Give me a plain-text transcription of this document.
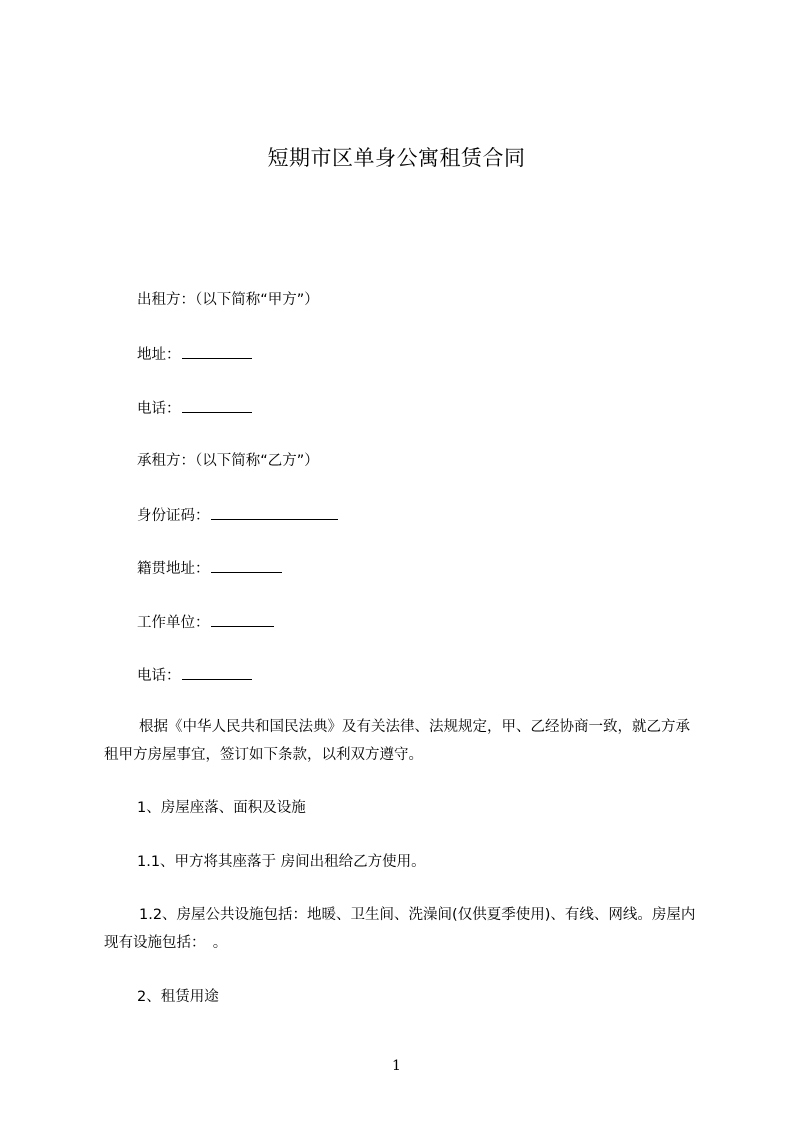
短期市区单身公寓租赁合同
出租方：（以下简称“甲方”）
地址：
电话：
承租方：（以下简称“乙方”）
身份证码：
籍贯地址：
工作单位：
电话：
根据《中华人民共和国民法典》及有关法律、法规规定，甲、乙经协商一致，就乙方承租甲方房屋事宜，签订如下条款，以利双方遵守。
1、房屋座落、面积及设施
1.1、甲方将其座落于 房间出租给乙方使用。
1.2、房屋公共设施包括：地暖、卫生间、洗澡间(仅供夏季使用)、有线、网线。房屋内现有设施包括：　。
2、租赁用途
1
